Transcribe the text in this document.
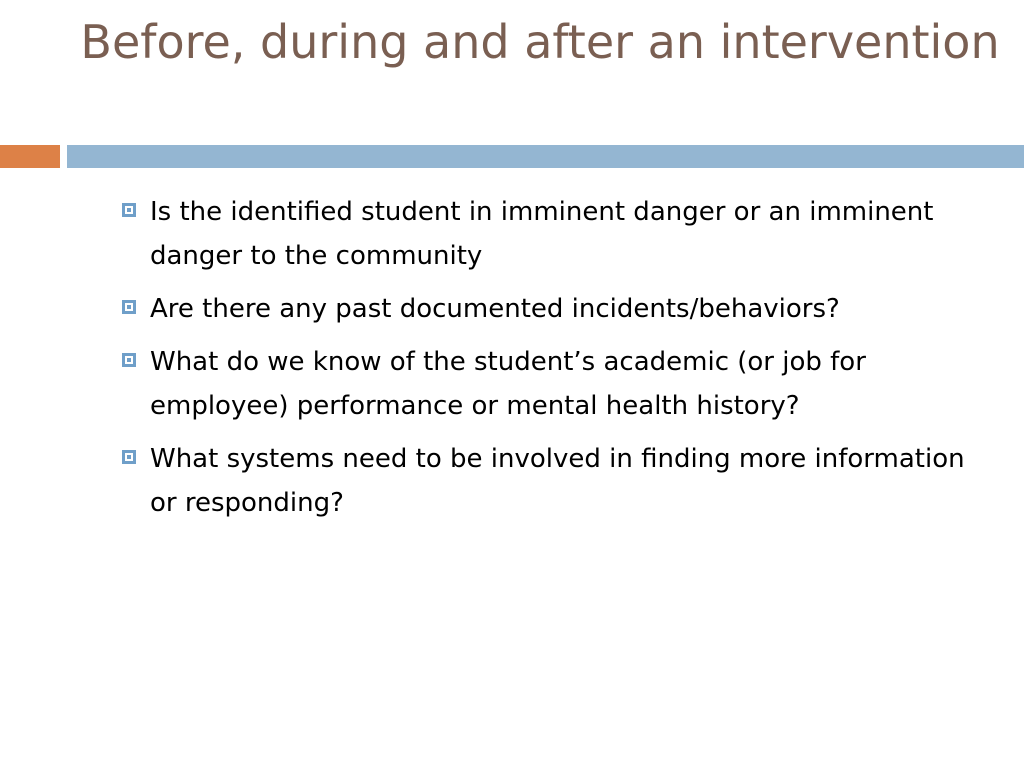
Before, during and after an intervention
Is the identified student in imminent danger or an imminent danger to the community
Are there any past documented incidents/behaviors?
What do we know of the student’s academic (or job for employee) performance or mental health history?
What systems need to be involved in finding more information or responding?
